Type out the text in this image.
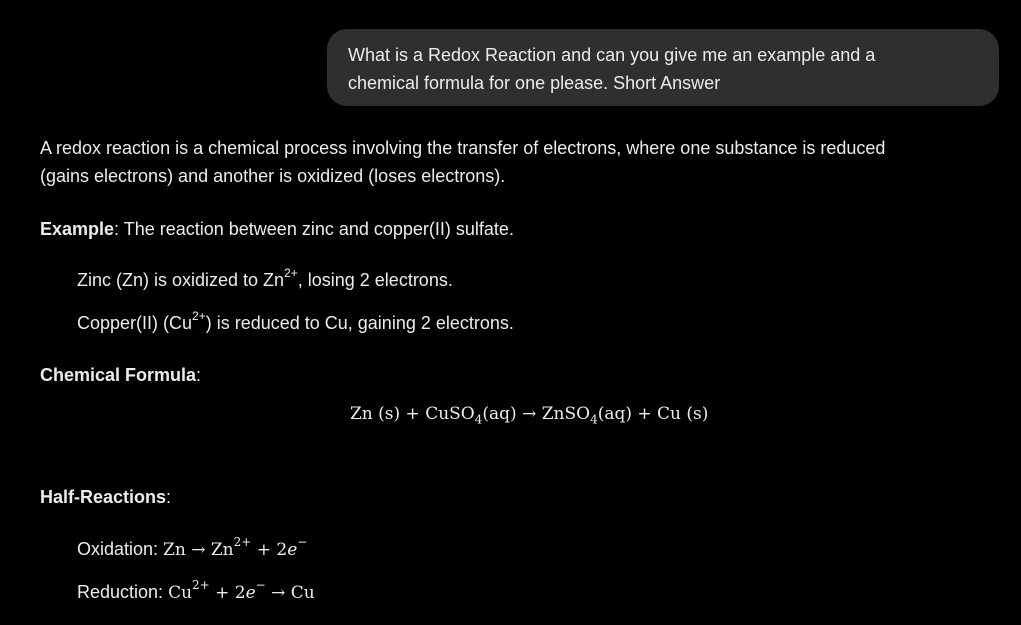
What is a Redox Reaction and can you give me an example and a
chemical formula for one please. Short Answer
A redox reaction is a chemical process involving the transfer of electrons, where one substance is reduced
(gains electrons) and another is oxidized (loses electrons).
Example: The reaction between zinc and copper(II) sulfate.
Zinc (Zn) is oxidized to $Zn^{2+}$, losing 2 electrons.
Copper(II) $(Cu^{2+})$ is reduced to Cu, gaining 2 electrons.
Chemical Formula:
Zn (s) + CuSO$_4$(aq) → ZnSO$_4$(aq) + Cu (s)
Half-Reactions:
Oxidation: $Zn \to Zn^{2+} + 2e^-$
Reduction: $Cu^{2+} + 2e^- \to Cu$
